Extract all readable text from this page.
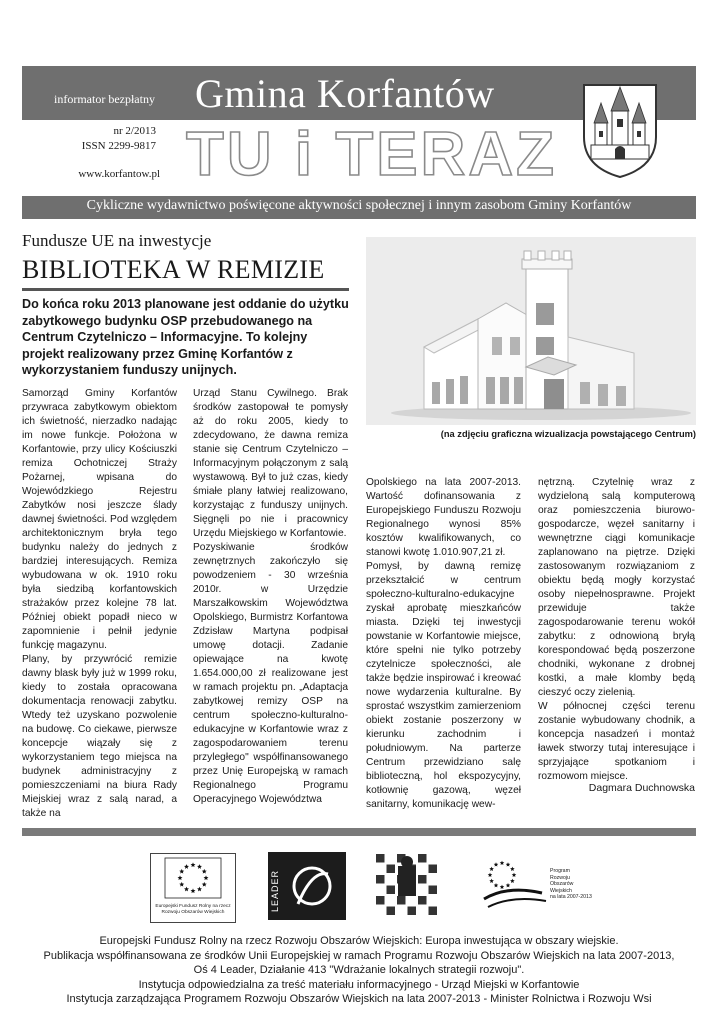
informator bezpłatny Gmina Korfantów
nr 2/2013
ISSN 2299-9817
www.korfantow.pl TU i TERAZ
Cykliczne wydawnictwo poświęcone aktywności społecznej i innym zasobom Gminy Korfantów
Fundusze UE na inwestycje
BIBLIOTEKA W REMIZIE
Do końca roku 2013 planowane jest oddanie do użytku zabytkowego budynku OSP przebudowanego na Centrum Czytelniczo – Informacyjne. To kolejny projekt realizowany przez Gminę Korfantów z wykorzystaniem funduszy unijnych.
(na zdjęciu graficzna wizualizacja powstającego Centrum)

Samorząd Gminy Korfantów przywraca zabytkowym obiektom ich świetność, nierzadko nadając im nowe funkcje. Położona w Korfantowie, przy ulicy Kościuszki remiza Ochotniczej Straży Pożarnej, wpisana do Wojewódzkiego Rejestru Zabytków nosi jeszcze ślady dawnej świetności. Pod względem architektonicznym bryła tego budynku należy do jednych z bardziej interesujących. Remiza wybudowana w ok. 1910 roku była siedzibą korfantowskich strażaków przez kolejne 78 lat. Później obiekt popadł nieco w zapomnienie i pełnił jedynie funkcję magazynu.

Plany, by przywrócić remizie dawny blask były już w 1999 roku, kiedy to została opracowana dokumentacja renowacji zabytku. Wtedy też uzyskano pozwolenie na budowę. Co ciekawe, pierwsze koncepcje wiązały się z wykorzystaniem tego miejsca na budynek administracyjny z pomieszczeniami na biura Rady Miejskiej wraz z salą narad, a także na

Urząd Stanu Cywilnego. Brak środków zastopował te pomysły aż do roku 2005, kiedy to zdecydowano, że dawna remiza stanie się Centrum Czytelniczo – Informacyjnym połączonym z salą wystawową. Był to już czas, kiedy śmiałe plany łatwiej realizowano, korzystając z funduszy unijnych. Sięgnęli po nie i pracownicy Urzędu Miejskiego w Korfantowie.

Pozyskiwanie środków zewnętrznych zakończyło się powodzeniem - 30 września 2010r. w Urzędzie Marszałkowskim Województwa Opolskiego, Burmistrz Korfantowa Zdzisław Martyna podpisał umowę dotacji. Zadanie opiewające na kwotę 1.654.000,00 zł realizowane jest w ramach projektu pn. „Adaptacja zabytkowej remizy OSP na centrum społeczno-kulturalno-edukacyjne w Korfantowie wraz z zagospodarowaniem terenu przyległego" współfinansowanego przez Unię Europejską w ramach Regionalnego Programu Operacyjnego Województwa

Opolskiego na lata 2007-2013. Wartość dofinansowania z Europejskiego Funduszu Rozwoju Regionalnego wynosi 85% kosztów kwalifikowanych, co stanowi kwotę 1.010.907,21 zł.

Pomysł, by dawną remizę przekształcić w centrum społeczno-kulturalno-edukacyjne zyskał aprobatę mieszkańców miasta. Dzięki tej inwestycji powstanie w Korfantowie miejsce, które spełni nie tylko potrzeby czytelnicze społeczności, ale także będzie inspirować i kreować nowe wydarzenia kulturalne. By sprostać wszystkim zamierzeniom obiekt zostanie poszerzony w kierunku zachodnim i południowym. Na parterze Centrum przewidziano salę biblioteczną, hol ekspozycyjny, kotłownię gazową, węzeł sanitarny, komunikację wew-

nętrzną. Czytelnię wraz z wydzieloną salą komputerową oraz pomieszczenia biurowo-gospodarcze, węzeł sanitarny i wewnętrzne ciągi komunikacje zaplanowano na piętrze. Dzięki zastosowanym rozwiązaniom z obiektu będą mogły korzystać osoby niepełnosprawne. Projekt przewiduje także zagospodarowanie terenu wokół zabytku: z odnowioną bryłą korespondować będą poszerzone chodniki, wykonane z drobnej kostki, a małe klomby będą cieszyć oczy zielenią.

W północnej części terenu zostanie wybudowany chodnik, a koncepcja nasadzeń i montaż ławek stworzy tutaj interesujące i sprzyjające spotkaniom i rozmowom miejsce.

Dagmara Duchnowska
Europejski Fundusz Rolny na rzecz Rozwoju Obszarów Wiejskich
LEADER	Program
Rozwoju
Obszarów
Wiejskich
na lata 2007-2013
Europejski Fundusz Rolny na rzecz Rozwoju Obszarów Wiejskich: Europa inwestująca w obszary wiejskie.
Publikacja współfinansowana ze środków Unii Europejskiej w ramach Programu Rozwoju Obszarów Wiejskich na lata 2007-2013,
Oś 4 Leader, Działanie 413 "Wdrażanie lokalnych strategii rozwoju".
Instytucja odpowiedzialna za treść materiału informacyjnego - Urząd Miejski w Korfantowie
Instytucja zarządzająca Programem Rozwoju Obszarów Wiejskich na lata 2007-2013 - Minister Rolnictwa i Rozwoju Wsi
